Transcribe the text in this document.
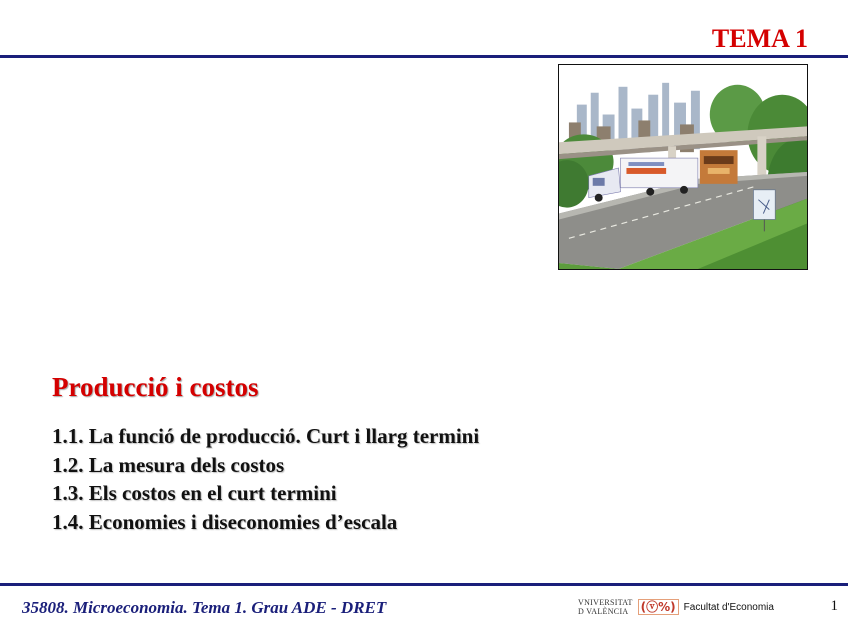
TEMA 1
Producció i costos
1.1. La funció de producció. Curt i llarg termini
1.2. La mesura dels costos
1.3. Els costos en el curt termini
1.4. Economies i diseconomies d’escala
35808. Microeconomia. Tema 1. Grau ADE - DRET	VNIVERSITAT
D VALÈNCIA	(ⓥ%) Facultat d'Economia	1
